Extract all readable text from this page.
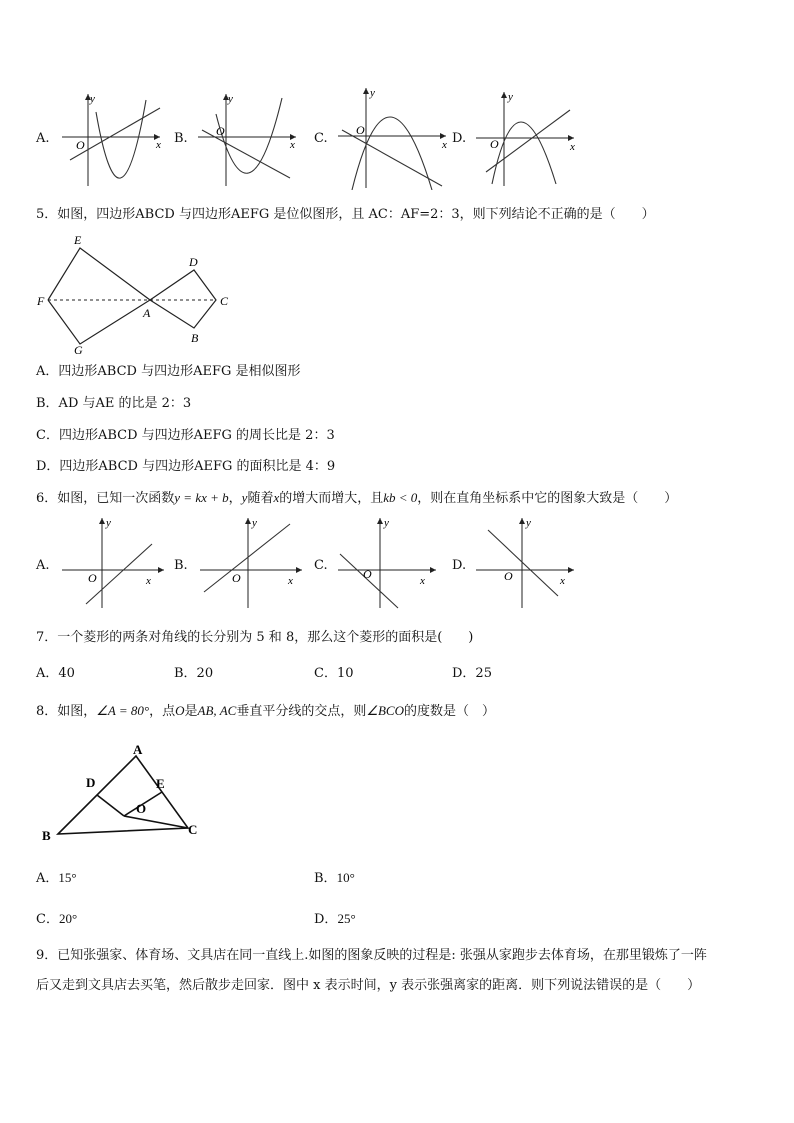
A.
y
x
O	B.
y
x
O	C.
y
x
O
D.
y
x
O
5．如图，四边形ABCD 与四边形AEFG 是位似图形，且 AC：AF=2：3，则下列结论不正确的是（　　）
E
D
F
A
C
G
B
A．四边形ABCD 与四边形AEFG 是相似图形
B．AD 与AE 的比是 2：3
C．四边形ABCD 与四边形AEFG 的周长比是 2：3
D．四边形ABCD 与四边形AEFG 的面积比是 4：9
6．如图，已知一次函数y = kx + b，y随着x的增大而增大，且kb < 0，则在直角坐标系中它的图象大致是（　　）
A.
y
x
O
B.
y
x
O
C.
y
x
O
D.
y
x
O
7．一个菱形的两条对角线的长分别为 5 和 8，那么这个菱形的面积是(　　)
A．40	B．20	C．10	D．25
8．如图，∠A = 80°，点O是AB, AC垂直平分线的交点，则∠BCO的度数是（　）
A
D	E
O
B	C
A．15°	B．10°
C．20°	D．25°
9．已知张强家、体育场、文具店在同一直线上.如图的图象反映的过程是: 张强从家跑步去体育场，在那里锻炼了一阵
后又走到文具店去买笔，然后散步走回家．图中 x 表示时间，y 表示张强离家的距离．则下列说法错误的是（　　）
